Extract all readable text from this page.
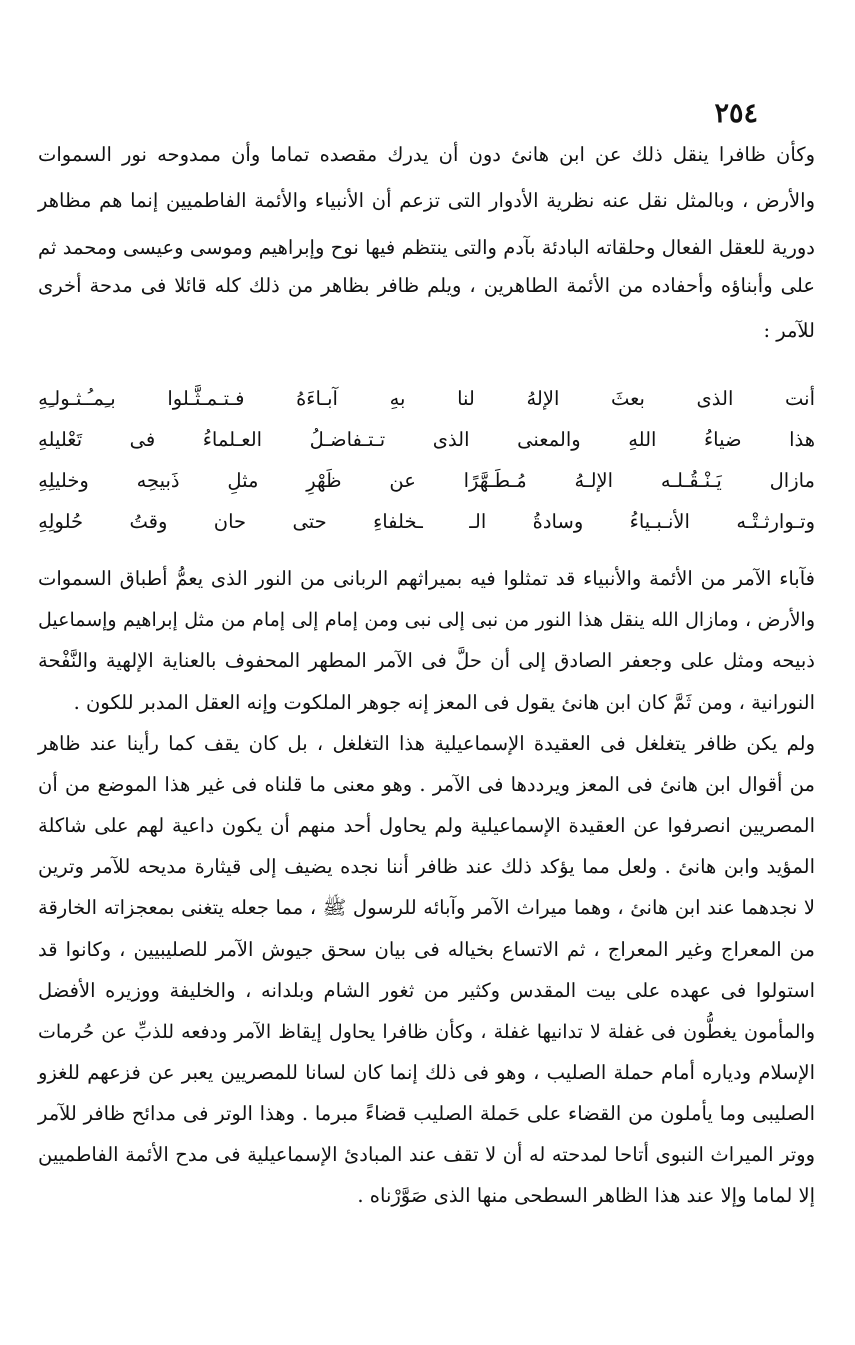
٢٥٤
وكأن ظافرا ينقل ذلك عن ابن هانئ دون أن يدرك مقصده تماما وأن ممدوحه نور السموات
والأرض ، وبالمثل نقل عنه نظرية الأدوار التى تزعم أن الأنبياء والأئمة الفاطميين إنما هم مظاهر
دورية للعقل الفعال وحلقاته البادئة بآدم والتى ينتظم فيها نوح وإبراهيم وموسى وعيسى ومحمد ثم
على وأبناؤه وأحفاده من الأئمة الطاهرين ، ويلم ظافر بظاهر من ذلك كله قائلا فى مدحة أخرى
للآمر :
أنت
الذى
بعثَ
الإلهُ
لنا
بهِ
آبـاءَهُ
فـتـمـثَّـلوا
بـِمـُـثـولـِهِ
هذا
ضياءُ
اللهِ
والمعنى
الذى
تـتـفاضـلُ
العـلماءُ
فى
تَعْليلهِ
مازال
يَـنْـقُـلـه
الإلـهُ
مُـطَـهَّرًا
عن
ظَهْرِ
مثلِ
ذَبيحِه
وخليلِهِ
وتـوارثـتْـه
الأنـبـياءُ
وسادةُ
الـ
ـخلفاءِ
حتى
حان
وقتُ
حُلولِهِ
فآباء الآمر من الأئمة والأنبياء قد تمثلوا فيه بميراثهم الربانى من النور الذى يعمُّ أطباق السموات
والأرض ، ومازال الله ينقل هذا النور من نبى إلى نبى ومن إمام إلى إمام من مثل إبراهيم وإسماعيل
ذبيحه ومثل على وجعفر الصادق إلى أن حلَّ فى الآمر المطهر المحفوف بالعناية الإلهية والنَّفْحة
النورانية ، ومن ثَمَّ كان ابن هانئ يقول فى المعز إنه جوهر الملكوت وإنه العقل المدبر للكون .
ولم يكن ظافر يتغلغل فى العقيدة الإسماعيلية هذا التغلغل ، بل كان يقف كما رأينا عند ظاهر
من أقوال ابن هانئ فى المعز ويرددها فى الآمر . وهو معنى ما قلناه فى غير هذا الموضع من أن
المصريين انصرفوا عن العقيدة الإسماعيلية ولم يحاول أحد منهم أن يكون داعية لهم على شاكلة
المؤيد وابن هانئ . ولعل مما يؤكد ذلك عند ظافر أننا نجده يضيف إلى قيثارة مديحه للآمر وترين
لا نجدهما عند ابن هانئ ، وهما ميراث الآمر وآبائه للرسول ﷺ ، مما جعله يتغنى بمعجزاته الخارقة
من المعراج وغير المعراج ، ثم الاتساع بخياله فى بيان سحق جيوش الآمر للصليبيين ، وكانوا قد
استولوا فى عهده على بيت المقدس وكثير من ثغور الشام وبلدانه ، والخليفة ووزيره الأفضل
والمأمون يغطُّون فى غفلة لا تدانيها غفلة ، وكأن ظافرا يحاول إيقاظ الآمر ودفعه للذبِّ عن حُرمات
الإسلام ودياره أمام حملة الصليب ، وهو فى ذلك إنما كان لسانا للمصريين يعبر عن فزعهم للغزو
الصليبى وما يأملون من القضاء على حَملة الصليب قضاءً مبرما . وهذا الوتر فى مدائح ظافر للآمر
ووتر الميراث النبوى أتاحا لمدحته له أن لا تقف عند المبادئ الإسماعيلية فى مدح الأئمة الفاطميين
إلا لماما وإلا عند هذا الظاهر السطحى منها الذى صَوَّرْناه .
